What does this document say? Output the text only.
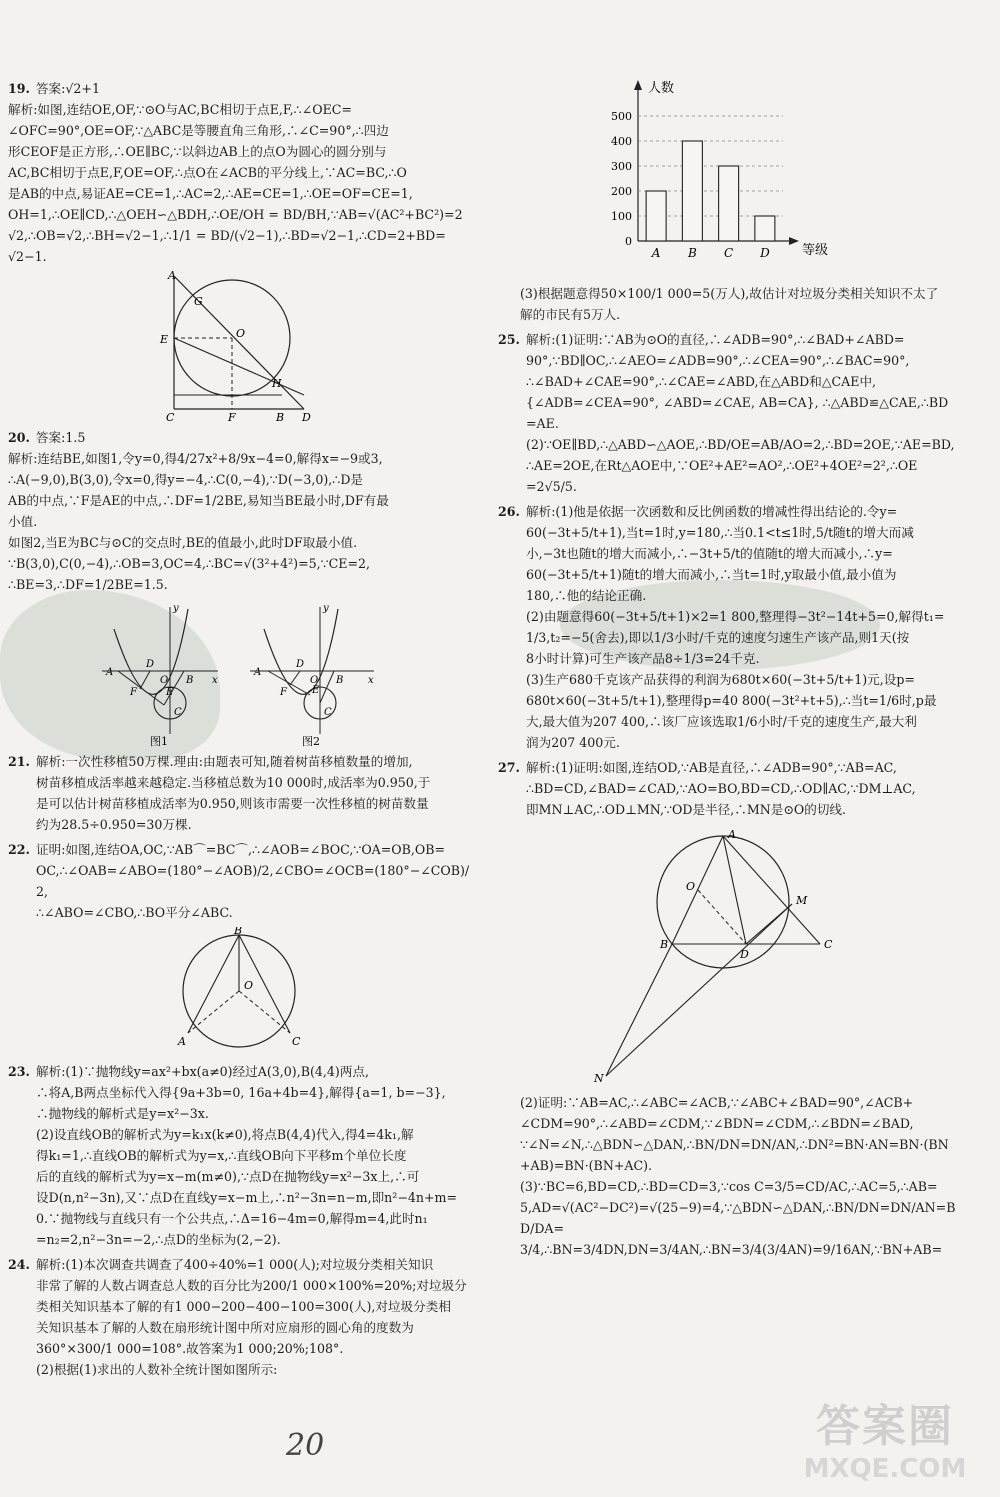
19. 答案:√2+1

解析:如图,连结OE,OF,∵⊙O与AC,BC相切于点E,F,∴∠OEC=

∠OFC=90°,OE=OF,∵△ABC是等腰直角三角形,∴∠C=90°,∴四边

形CEOF是正方形,∴OE∥BC,∵以斜边AB上的点O为圆心的圆分别与

AC,BC相切于点E,F,OE=OF,∴点O在∠ACB的平分线上,∵AC=BC,∴O

是AB的中点,易证AE=CE=1,∴AC=2,∴AE=CE=1,∴OE=OF=CE=1,

OH=1,∴OE∥CD,∴△OEH∽△BDH,∴OE/OH = BD/BH,∵AB=√(AC²+BC²)=2

√2,∴OB=√2,∴BH=√2−1,∴1/1 = BD/(√2−1),∴BD=√2−1,∴CD=2+BD=

√2−1.

A
G
E	O
H
C	F	B D

20. 答案:1.5

解析:连结BE,如图1,令y=0,得4/27x²+8/9x−4=0,解得x=−9或3,

∴A(−9,0),B(3,0),令x=0,得y=−4,∴C(0,−4),∵D(−3,0),∴D是

AB的中点,∵F是AE的中点,∴DF=1/2BE,易知当BE最小时,DF有最

小值.

如图2,当E为BC与⊙C的交点时,BE的值最小,此时DF取最小值.

∵B(3,0),C(0,−4),∴OB=3,OC=4,∴BC=√(3²+4²)=5,∵CE=2,

∴BE=3,∴DF=1/2BE=1.5.

y
x
O
A
B
C
D
E
F
图1
y
x
O
A
B
C
D
E
F
图2

21. 解析:一次性移植50万棵.理由:由题表可知,随着树苗移植数量的增加,

树苗移植成活率越来越稳定.当移植总数为10 000时,成活率为0.950,于

是可以估计树苗移植成活率为0.950,则该市需要一次性移植的树苗数量

约为28.5÷0.950=30万棵.

22. 证明:如图,连结OA,OC,∵AB⌒=BC⌒,∴∠AOB=∠BOC,∵OA=OB,OB=

OC,∴∠OAB=∠ABO=(180°−∠AOB)/2,∠CBO=∠OCB=(180°−∠COB)/2,

∴∠ABO=∠CBO,∴BO平分∠ABC.

B
O
A	C

23. 解析:(1)∵抛物线y=ax²+bx(a≠0)经过A(3,0),B(4,4)两点,

∴将A,B两点坐标代入得{9a+3b=0, 16a+4b=4},解得{a=1, b=−3},

∴抛物线的解析式是y=x²−3x.

(2)设直线OB的解析式为y=k₁x(k≠0),将点B(4,4)代入,得4=4k₁,解

得k₁=1,∴直线OB的解析式为y=x,∴直线OB向下平移m个单位长度

后的直线的解析式为y=x−m(m≠0),∵点D在抛物线y=x²−3x上,∴可

设D(n,n²−3n),又∵点D在直线y=x−m上,∴n²−3n=n−m,即n²−4n+m=

0.∵抛物线与直线只有一个公共点,∴Δ=16−4m=0,解得m=4,此时n₁

=n₂=2,n²−3n=−2,∴点D的坐标为(2,−2).

24. 解析:(1)本次调查共调查了400÷40%=1 000(人);对垃圾分类相关知识

非常了解的人数占调查总人数的百分比为200/1 000×100%=20%;对垃圾分

类相关知识基本了解的有1 000−200−400−100=300(人),对垃圾分类相

关知识基本了解的人数在扇形统计图中所对应扇形的圆心角的度数为

360°×300/1 000=108°.故答案为1 000;20%;108°.

(2)根据(1)求出的人数补全统计图如图所示:

人数
等级
0
100
200
300
400
500
A B C D

(3)根据题意得50×100/1 000=5(万人),故估计对垃圾分类相关知识不太了

解的市民有5万人.

25. 解析:(1)证明:∵AB为⊙O的直径,∴∠ADB=90°,∴∠BAD+∠ABD=

90°,∵BD∥OC,∴∠AEO=∠ADB=90°,∴∠CEA=90°,∴∠BAC=90°,

∴∠BAD+∠CAE=90°,∴∠CAE=∠ABD,在△ABD和△CAE中,

{∠ADB=∠CEA=90°, ∠ABD=∠CAE, AB=CA}, ∴△ABD≌△CAE,∴BD=AE.

(2)∵OE∥BD,∴△ABD∽△AOE,∴BD/OE=AB/AO=2,∴BD=2OE,∵AE=BD,

∴AE=2OE,在Rt△AOE中,∵OE²+AE²=AO²,∴OE²+4OE²=2²,∴OE

=2√5/5.

26. 解析:(1)他是依据一次函数和反比例函数的增减性得出结论的.令y=

60(−3t+5/t+1),当t=1时,y=180,∴当0.1<t≤1时,5/t随t的增大而减

小,−3t也随t的增大而减小,∴−3t+5/t的值随t的增大而减小,∴y=

60(−3t+5/t+1)随t的增大而减小,∴当t=1时,y取最小值,最小值为

180,∴他的结论正确.

(2)由题意得60(−3t+5/t+1)×2=1 800,整理得−3t²−14t+5=0,解得t₁=

1/3,t₂=−5(舍去),即以1/3小时/千克的速度匀速生产该产品,则1天(按

8小时计算)可生产该产品8÷1/3=24千克.

(3)生产680千克该产品获得的利润为680t×60(−3t+5/t+1)元,设p=

680t×60(−3t+5/t+1),整理得p=40 800(−3t²+t+5),∴当t=1/6时,p最

大,最大值为207 400,∴该厂应该选取1/6小时/千克的速度生产,最大利

润为207 400元.

27. 解析:(1)证明:如图,连结OD,∵AB是直径,∴∠ADB=90°,∵AB=AC,

∴BD=CD,∠BAD=∠CAD,∵AO=BO,BD=CD,∴OD∥AC,∵DM⊥AC,

即MN⊥AC,∴OD⊥MN,∵OD是半径,∴MN是⊙O的切线.

A
O
M
B
D
C
N

(2)证明:∵AB=AC,∴∠ABC=∠ACB,∵∠ABC+∠BAD=90°,∠ACB+

∠CDM=90°,∴∠ABD=∠CDM,∵∠BDN=∠CDM,∴∠BDN=∠BAD,

∵∠N=∠N,∴△BDN∽△DAN,∴BN/DN=DN/AN,∴DN²=BN·AN=BN·(BN

+AB)=BN·(BN+AC).

(3)∵BC=6,BD=CD,∴BD=CD=3,∵cos C=3/5=CD/AC,∴AC=5,∴AB=

5,AD=√(AC²−DC²)=√(25−9)=4,∵△BDN∽△DAN,∴BN/DN=DN/AN=BD/DA=

3/4,∴BN=3/4DN,DN=3/4AN,∴BN=3/4(3/4AN)=9/16AN,∵BN+AB=

20	答案圈
MXQE.COM
